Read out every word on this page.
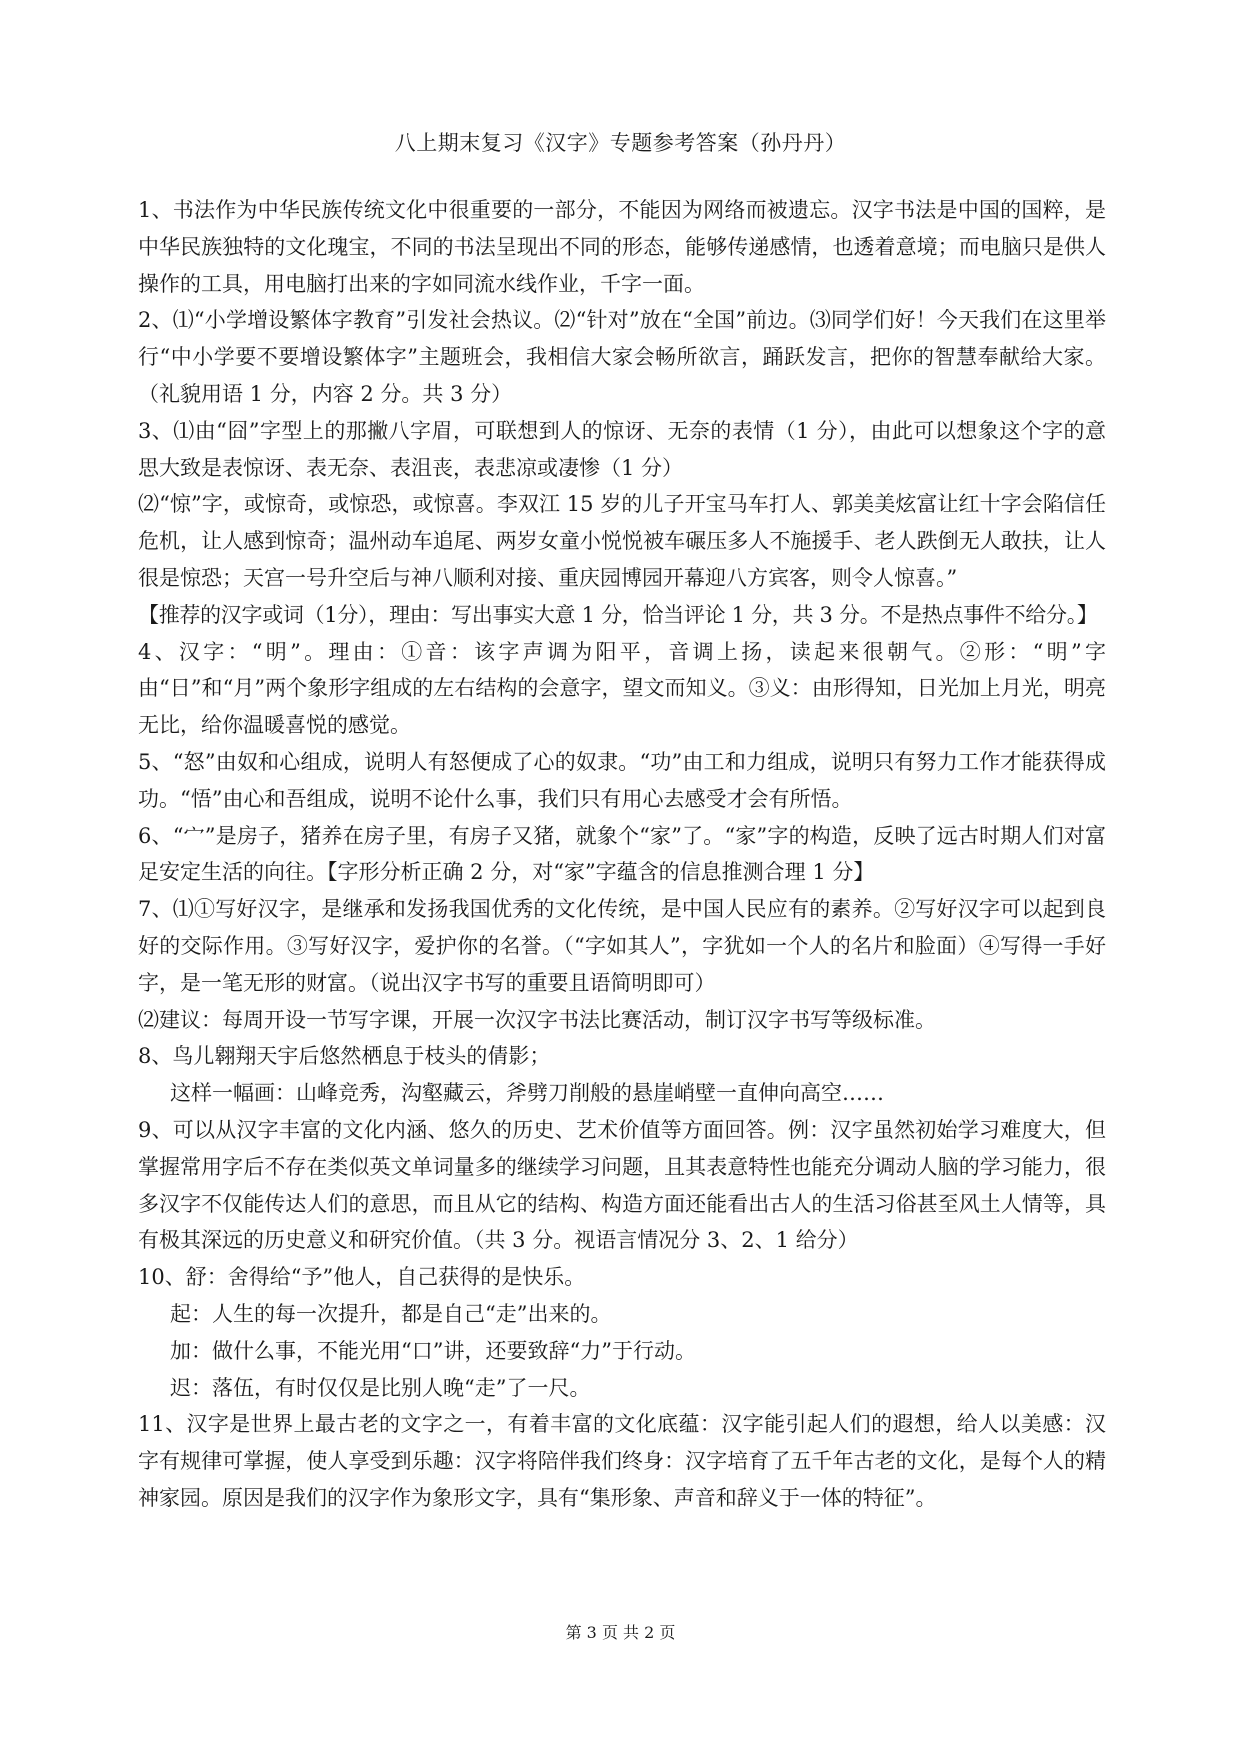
八上期末复习《汉字》专题参考答案（孙丹丹）

1、书法作为中华民族传统文化中很重要的一部分，不能因为网络而被遗忘。汉字书法是中国的国粹，是中华民族独特的文化瑰宝，不同的书法呈现出不同的形态，能够传递感情，也透着意境；而电脑只是供人操作的工具，用电脑打出来的字如同流水线作业，千字一面。

2、⑴“小学增设繁体字教育”引发社会热议。⑵“针对”放在“全国”前边。⑶同学们好！今天我们在这里举行“中小学要不要增设繁体字”主题班会，我相信大家会畅所欲言，踊跃发言，把你的智慧奉献给大家。（礼貌用语 1 分，内容 2 分。共 3 分）

3、⑴由“囧”字型上的那撇八字眉，可联想到人的惊讶、无奈的表情（1 分），由此可以想象这个字的意思大致是表惊讶、表无奈、表沮丧，表悲凉或凄惨（1 分）

⑵“惊”字，或惊奇，或惊恐，或惊喜。李双江 15 岁的儿子开宝马车打人、郭美美炫富让红十字会陷信任危机，让人感到惊奇；温州动车追尾、两岁女童小悦悦被车碾压多人不施援手、老人跌倒无人敢扶，让人很是惊恐；天宫一号升空后与神八顺利对接、重庆园博园开幕迎八方宾客，则令人惊喜。”

【推荐的汉字或词（1分），理由：写出事实大意 1 分，恰当评论 1 分，共 3 分。不是热点事件不给分。】

4、汉字：“明”。理由：①音：该字声调为阳平，音调上扬，读起来很朝气。②形：“明”字由“日”和“月”两个象形字组成的左右结构的会意字，望文而知义。③义：由形得知，日光加上月光，明亮无比，给你温暖喜悦的感觉。

5、“怒”由奴和心组成，说明人有怒便成了心的奴隶。“功”由工和力组成，说明只有努力工作才能获得成功。“悟”由心和吾组成，说明不论什么事，我们只有用心去感受才会有所悟。

6、“宀”是房子，猪养在房子里，有房子又猪，就象个“家”了。“家”字的构造，反映了远古时期人们对富足安定生活的向往。【字形分析正确 2 分，对“家”字蕴含的信息推测合理 1 分】

7、⑴①写好汉字，是继承和发扬我国优秀的文化传统，是中国人民应有的素养。②写好汉字可以起到良好的交际作用。③写好汉字，爱护你的名誉。（“字如其人”，字犹如一个人的名片和脸面）④写得一手好字，是一笔无形的财富。（说出汉字书写的重要且语简明即可）

⑵建议：每周开设一节写字课，开展一次汉字书法比赛活动，制订汉字书写等级标准。

8、鸟儿翱翔天宇后悠然栖息于枝头的倩影；

这样一幅画：山峰竞秀，沟壑藏云，斧劈刀削般的悬崖峭壁一直伸向高空……

9、可以从汉字丰富的文化内涵、悠久的历史、艺术价值等方面回答。例：汉字虽然初始学习难度大，但掌握常用字后不存在类似英文单词量多的继续学习问题，且其表意特性也能充分调动人脑的学习能力，很多汉字不仅能传达人们的意思，而且从它的结构、构造方面还能看出古人的生活习俗甚至风土人情等，具有极其深远的历史意义和研究价值。（共 3 分。视语言情况分 3、2、1 给分）

10、舒：舍得给“予”他人，自己获得的是快乐。

起：人生的每一次提升，都是自己“走”出来的。

加：做什么事，不能光用“口”讲，还要致辞“力”于行动。

迟：落伍，有时仅仅是比别人晚“走”了一尺。

11、汉字是世界上最古老的文字之一，有着丰富的文化底蕴：汉字能引起人们的遐想，给人以美感：汉字有规律可掌握，使人享受到乐趣：汉字将陪伴我们终身：汉字培育了五千年古老的文化，是每个人的精神家园。原因是我们的汉字作为象形文字，具有“集形象、声音和辞义于一体的特征”。

第 3 页 共 2 页
